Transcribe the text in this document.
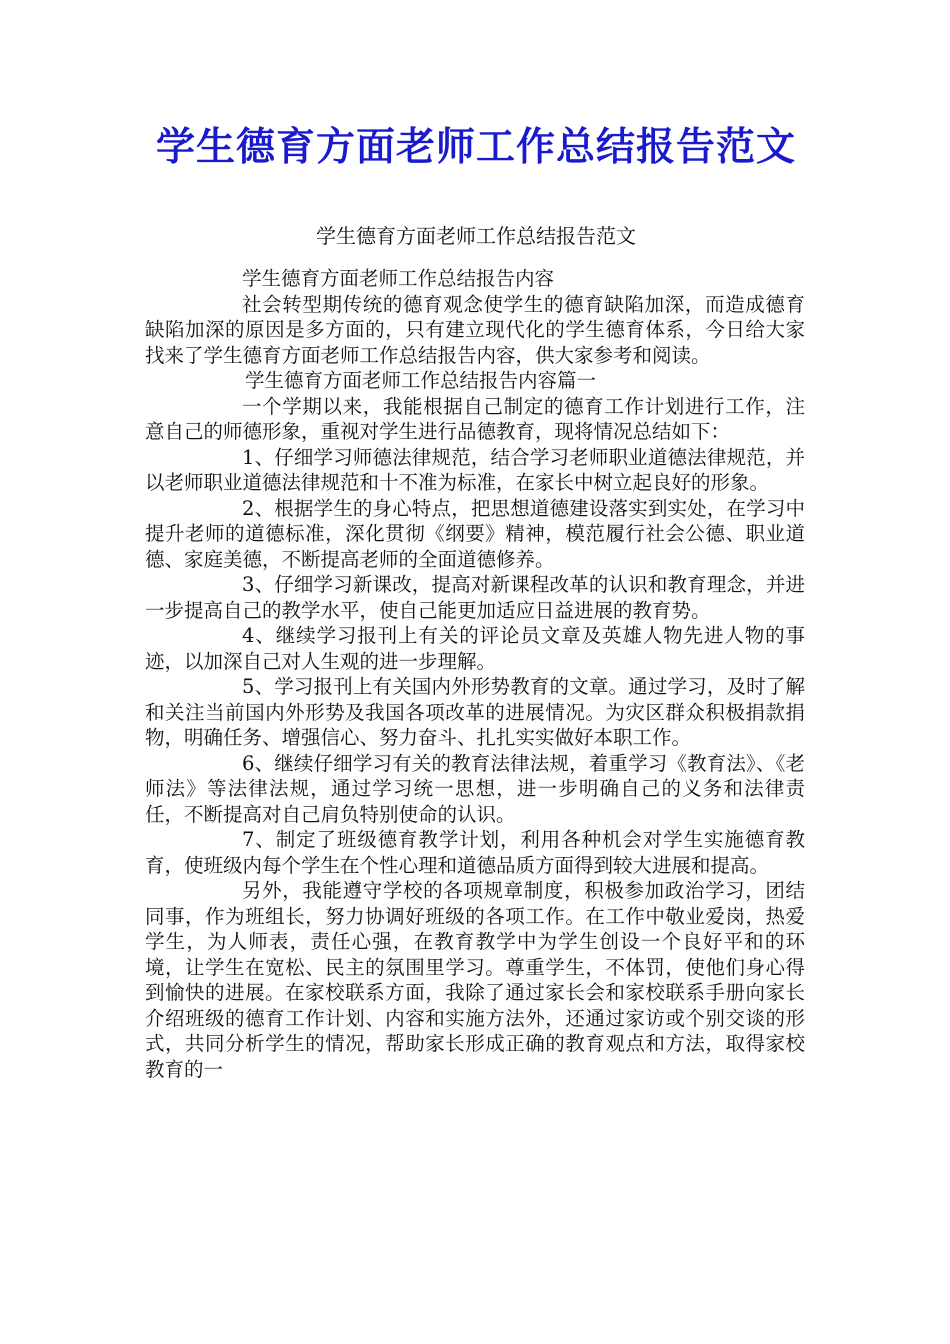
学生德育方面老师工作总结报告范文

学生德育方面老师工作总结报告范文

学生德育方面老师工作总结报告内容

社会转型期传统的德育观念使学生的德育缺陷加深，而造成德育缺陷加深的原因是多方面的，只有建立现代化的学生德育体系，今日给大家找来了学生德育方面老师工作总结报告内容，供大家参考和阅读。

学生德育方面老师工作总结报告内容篇一

一个学期以来，我能根据自己制定的德育工作计划进行工作，注意自己的师德形象，重视对学生进行品德教育，现将情况总结如下：

1、仔细学习师德法律规范，结合学习老师职业道德法律规范，并以老师职业道德法律规范和十不准为标准，在家长中树立起良好的形象。

2、根据学生的身心特点，把思想道德建设落实到实处，在学习中提升老师的道德标准，深化贯彻《纲要》精神，模范履行社会公德、职业道德、家庭美德，不断提高老师的全面道德修养。

3、仔细学习新课改，提高对新课程改革的认识和教育理念，并进一步提高自己的教学水平，使自己能更加适应日益进展的教育势。

4、继续学习报刊上有关的评论员文章及英雄人物先进人物的事迹，以加深自己对人生观的进一步理解。

5、学习报刊上有关国内外形势教育的文章。通过学习，及时了解和关注当前国内外形势及我国各项改革的进展情况。为灾区群众积极捐款捐物，明确任务、增强信心、努力奋斗、扎扎实实做好本职工作。

6、继续仔细学习有关的教育法律法规，着重学习《教育法》、《老师法》等法律法规，通过学习统一思想，进一步明确自己的义务和法律责任，不断提高对自己肩负特别使命的认识。

7、制定了班级德育教学计划，利用各种机会对学生实施德育教育，使班级内每个学生在个性心理和道德品质方面得到较大进展和提高。

另外，我能遵守学校的各项规章制度，积极参加政治学习，团结同事，作为班组长，努力协调好班级的各项工作。在工作中敬业爱岗，热爱学生，为人师表，责任心强，在教育教学中为学生创设一个良好平和的环境，让学生在宽松、民主的氛围里学习。尊重学生，不体罚，使他们身心得到愉快的进展。在家校联系方面，我除了通过家长会和家校联系手册向家长介绍班级的德育工作计划、内容和实施方法外，还通过家访或个别交谈的形式，共同分析学生的情况，帮助家长形成正确的教育观点和方法，取得家校教育的一
